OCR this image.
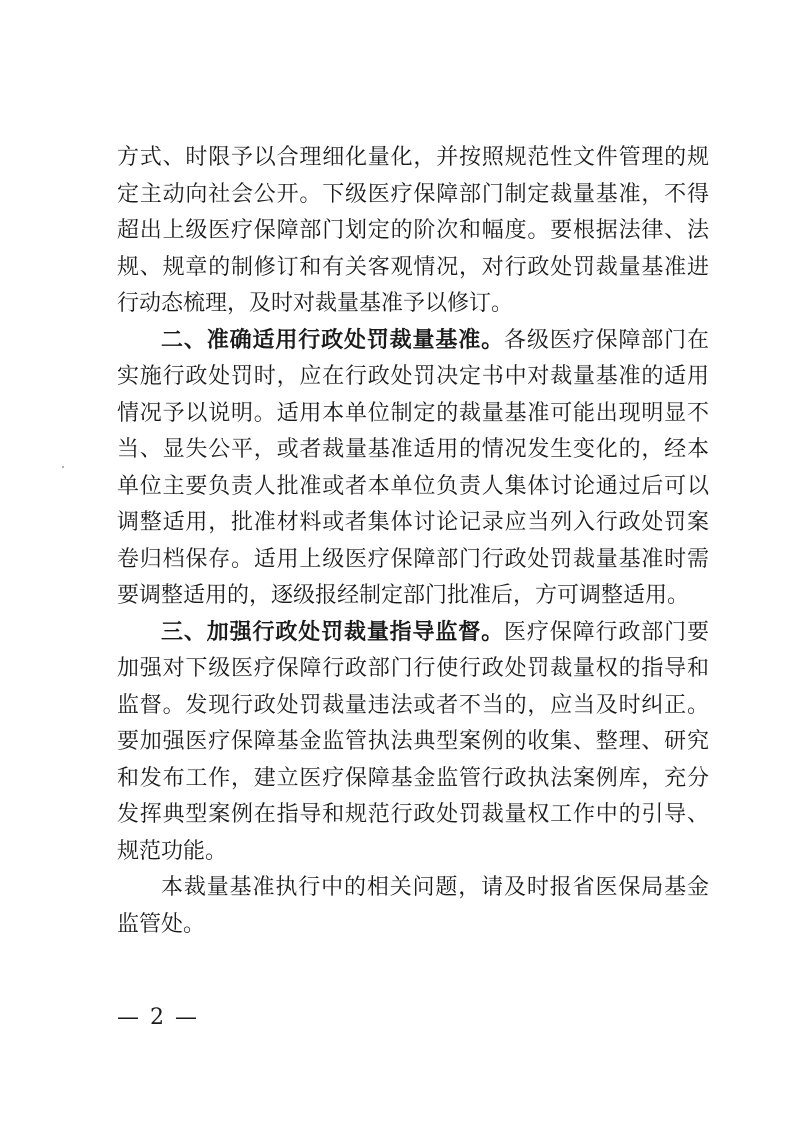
方式、时限予以合理细化量化，并按照规范性文件管理的规定主动向社会公开。下级医疗保障部门制定裁量基准，不得超出上级医疗保障部门划定的阶次和幅度。要根据法律、法规、规章的制修订和有关客观情况，对行政处罚裁量基准进行动态梳理，及时对裁量基准予以修订。

二、准确适用行政处罚裁量基准。各级医疗保障部门在实施行政处罚时，应在行政处罚决定书中对裁量基准的适用情况予以说明。适用本单位制定的裁量基准可能出现明显不当、显失公平，或者裁量基准适用的情况发生变化的，经本单位主要负责人批准或者本单位负责人集体讨论通过后可以调整适用，批准材料或者集体讨论记录应当列入行政处罚案卷归档保存。适用上级医疗保障部门行政处罚裁量基准时需要调整适用的，逐级报经制定部门批准后，方可调整适用。

三、加强行政处罚裁量指导监督。医疗保障行政部门要加强对下级医疗保障行政部门行使行政处罚裁量权的指导和监督。发现行政处罚裁量违法或者不当的，应当及时纠正。要加强医疗保障基金监管执法典型案例的收集、整理、研究和发布工作，建立医疗保障基金监管行政执法案例库，充分发挥典型案例在指导和规范行政处罚裁量权工作中的引导、规范功能。

本裁量基准执行中的相关问题，请及时报省医保局基金监管处。

— 2 —
